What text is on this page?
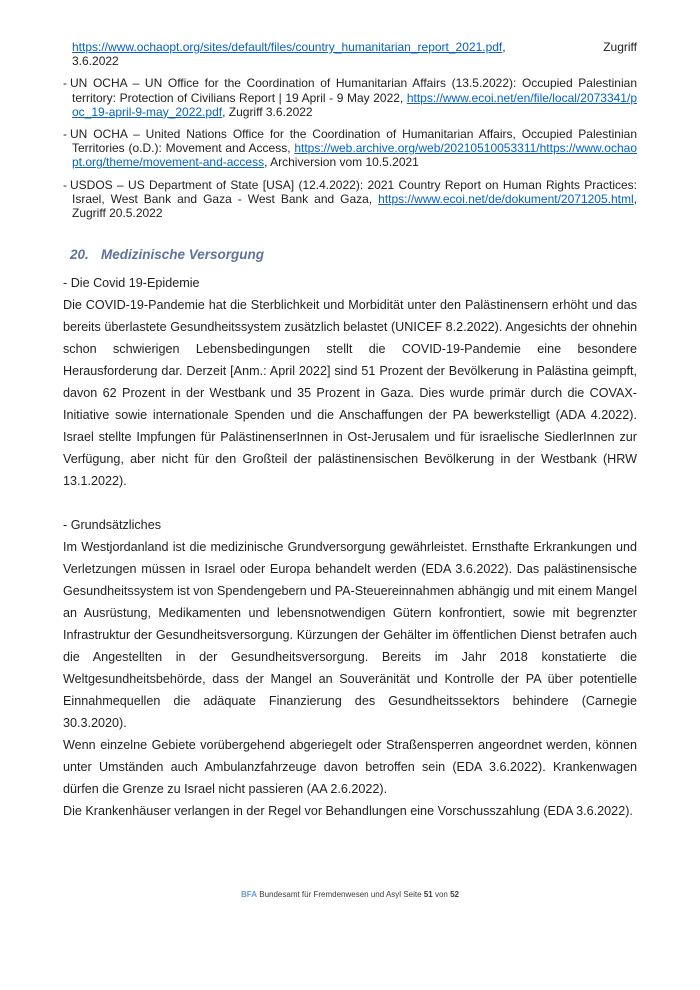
https://www.ochaopt.org/sites/default/files/country_humanitarian_report_2021.pdf,	Zugriff
3.6.2022
- UN OCHA – UN Office for the Coordination of Humanitarian Affairs (13.5.2022): Occupied Palestinian territory: Protection of Civilians Report | 19 April - 9 May 2022, https://www.ecoi.net/en/file/local/2073341/poc_19-april-9-may_2022.pdf, Zugriff 3.6.2022
- UN OCHA – United Nations Office for the Coordination of Humanitarian Affairs, Occupied Palestinian Territories (o.D.): Movement and Access, https://web.archive.org/web/20210510053311/https://www.ochaopt.org/theme/movement-and-access, Archiversion vom 10.5.2021
- USDOS – US Department of State [USA] (12.4.2022): 2021 Country Report on Human Rights Practices: Israel, West Bank and Gaza - West Bank and Gaza, https://www.ecoi.net/de/dokument/2071205.html, Zugriff 20.5.2022
20. Medizinische Versorgung
- Die Covid 19-Epidemie

Die COVID-19-Pandemie hat die Sterblichkeit und Morbidität unter den Palästinensern erhöht und das bereits überlastete Gesundheitssystem zusätzlich belastet (UNICEF 8.2.2022). Angesichts der ohnehin schon schwierigen Lebensbedingungen stellt die COVID-19-Pandemie eine besondere Herausforderung dar. Derzeit [Anm.: April 2022] sind 51 Prozent der Bevölkerung in Palästina geimpft, davon 62 Prozent in der Westbank und 35 Prozent in Gaza. Dies wurde primär durch die COVAX-Initiative sowie internationale Spenden und die Anschaffungen der PA bewerkstelligt (ADA 4.2022). Israel stellte Impfungen für PalästinenserInnen in Ost-Jerusalem und für israelische SiedlerInnen zur Verfügung, aber nicht für den Großteil der palästinensischen Bevölkerung in der Westbank (HRW 13.1.2022).

- Grundsätzliches

Im Westjordanland ist die medizinische Grundversorgung gewährleistet. Ernsthafte Erkrankungen und Verletzungen müssen in Israel oder Europa behandelt werden (EDA 3.6.2022). Das palästinensische Gesundheitssystem ist von Spendengebern und PA-Steuereinnahmen abhängig und mit einem Mangel an Ausrüstung, Medikamenten und lebensnotwendigen Gütern konfrontiert, sowie mit begrenzter Infrastruktur der Gesundheitsversorgung. Kürzungen der Gehälter im öffentlichen Dienst betrafen auch die Angestellten in der Gesundheitsversorgung. Bereits im Jahr 2018 konstatierte die Weltgesundheitsbehörde, dass der Mangel an Souveränität und Kontrolle der PA über potentielle Einnahmequellen die adäquate Finanzierung des Gesundheitssektors behindere (Carnegie 30.3.2020).

Wenn einzelne Gebiete vorübergehend abgeriegelt oder Straßensperren angeordnet werden, können unter Umständen auch Ambulanzfahrzeuge davon betroffen sein (EDA 3.6.2022). Krankenwagen dürfen die Grenze zu Israel nicht passieren (AA 2.6.2022).

Die Krankenhäuser verlangen in der Regel vor Behandlungen eine Vorschusszahlung (EDA 3.6.2022).

BFA Bundesamt für Fremdenwesen und Asyl Seite 51 von 52
